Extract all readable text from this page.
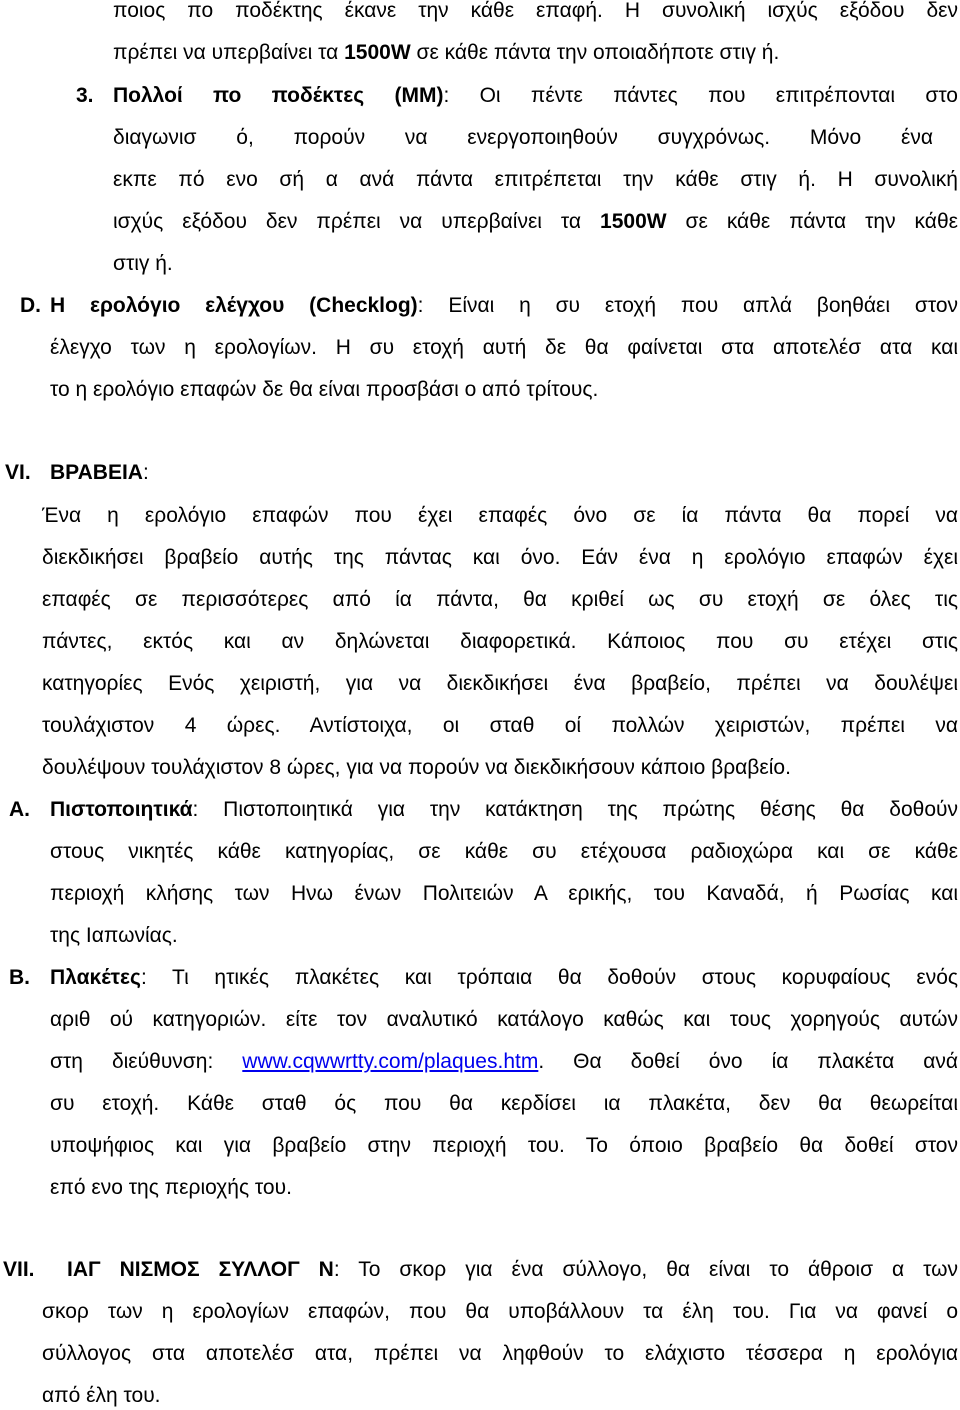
ποιος πο ποδέκτης έκανε την κάθε επαφή. Η συνολική ισχύς εξόδου δεν

πρέπει να υπερβαίνει τα 1500W σε κάθε πάντα την οποιαδήποτε στιγ ή.

3. Πολλοί πο ποδέκτες (MM): Οι πέντε πάντες που επιτρέπονται στο

διαγωνισ ό, πορούν να ενεργοποιηθούν συγχρόνως. Μόνο ένα

εκπε πό ενο σή α ανά πάντα επιτρέπεται την κάθε στιγ ή. Η συνολική

ισχύς εξόδου δεν πρέπει να υπερβαίνει τα 1500W σε κάθε πάντα την κάθε

στιγ ή.

D. Η ερολόγιο ελέγχου (Checklog): Είναι η συ ετοχή που απλά βοηθάει στον

έλεγχο των η ερολογίων. Η συ ετοχή αυτή δε θα φαίνεται στα αποτελέσ ατα και

το η ερολόγιο επαφών δε θα είναι προσβάσι ο από τρίτους.

VI. ΒΡΑΒΕΙΑ:

Ένα η ερολόγιο επαφών που έχει επαφές όνο σε ία πάντα θα πορεί να

διεκδικήσει βραβείο αυτής της πάντας και όνο. Εάν ένα η ερολόγιο επαφών έχει

επαφές σε περισσότερες από ία πάντα, θα κριθεί ως συ ετοχή σε όλες τις

πάντες, εκτός και αν δηλώνεται διαφορετικά. Κάποιος που συ ετέχει στις

κατηγορίες Ενός χειριστή, για να διεκδικήσει ένα βραβείο, πρέπει να δουλέψει

τουλάχιστον 4 ώρες. Αντίστοιχα, οι σταθ οί πολλών χειριστών, πρέπει να

δουλέψουν τουλάχιστον 8 ώρες, για να πορούν να διεκδικήσουν κάποιο βραβείο.

A. Πιστοποιητικά: Πιστοποιητικά για την κατάκτηση της πρώτης θέσης θα δοθούν

στους νικητές κάθε κατηγορίας, σε κάθε συ ετέχουσα ραδιοχώρα και σε κάθε

περιοχή κλήσης των Ηνω ένων Πολιτειών Α ερικής, του Καναδά, ή Ρωσίας και

της Ιαπωνίας.

B. Πλακέτες: Τι ητικές πλακέτες και τρόπαια θα δοθούν στους κορυφαίους ενός

αριθ ού κατηγοριών. είτε τον αναλυτικό κατάλογο καθώς και τους χορηγούς αυτών

στη διεύθυνση: www.cqwwrtty.com/plaques.htm. Θα δοθεί όνο ία πλακέτα ανά

συ ετοχή. Κάθε σταθ ός που θα κερδίσει ια πλακέτα, δεν θα θεωρείται

υποψήφιος και για βραβείο στην περιοχή του. Το όποιο βραβείο θα δοθεί στον

επό ενο της περιοχής του.

VII. ΙΑΓ ΝΙΣΜΟΣ ΣΥΛΛΟΓ Ν: Το σκορ για ένα σύλλογο, θα είναι το άθροισ α των

σκορ των η ερολογίων επαφών, που θα υποβάλλουν τα έλη του. Για να φανεί ο

σύλλογος στα αποτελέσ ατα, πρέπει να ληφθούν το ελάχιστο τέσσερα η ερολόγια

από έλη του.
